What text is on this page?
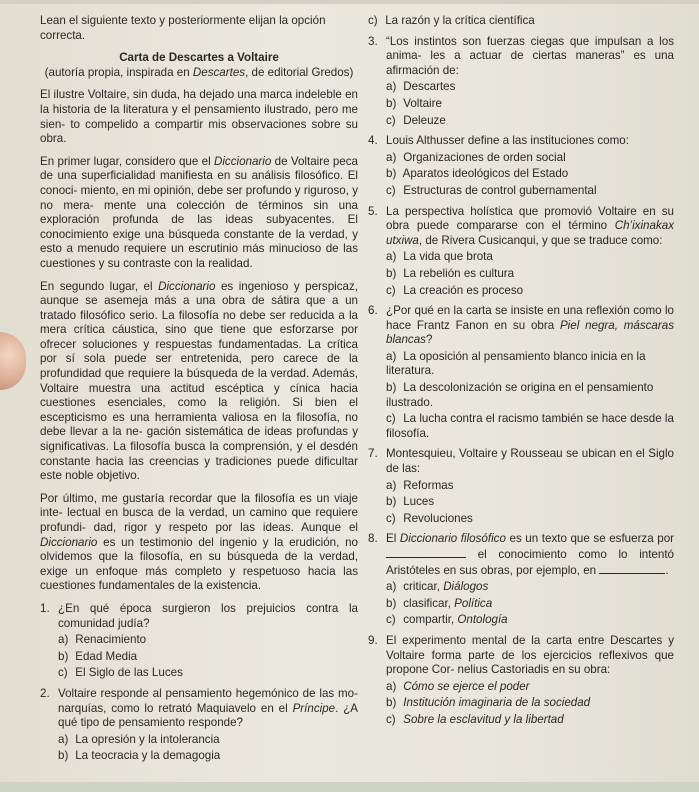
Lean el siguiente texto y posteriormente elijan la opción correcta.

Carta de Descartes a Voltaire

(autoría propia, inspirada en Descartes, de editorial Gredos)

El ilustre Voltaire, sin duda, ha dejado una marca indeleble en la historia de la literatura y el pensamiento ilustrado, pero me sien- to compelido a compartir mis observaciones sobre su obra.

En primer lugar, considero que el Diccionario de Voltaire peca de una superficialidad manifiesta en su análisis filosófico. El conoci- miento, en mi opinión, debe ser profundo y riguroso, y no mera- mente una colección de términos sin una exploración profunda de las ideas subyacentes. El conocimiento exige una búsqueda constante de la verdad, y esto a menudo requiere un escrutinio más minucioso de las cuestiones y su contraste con la realidad.

En segundo lugar, el Diccionario es ingenioso y perspicaz, aunque se asemeja más a una obra de sátira que a un tratado filosófico serio. La filosofía no debe ser reducida a la mera crítica cáustica, sino que tiene que esforzarse por ofrecer soluciones y respuestas fundamentadas. La crítica por sí sola puede ser entretenida, pero carece de la profundidad que requiere la búsqueda de la verdad. Además, Voltaire muestra una actitud escéptica y cínica hacia cuestiones esenciales, como la religión. Si bien el escepticismo es una herramienta valiosa en la filosofía, no debe llevar a la ne- gación sistemática de ideas profundas y significativas. La filosofía busca la comprensión, y el desdén constante hacia las creencias y tradiciones puede dificultar este noble objetivo.

Por último, me gustaría recordar que la filosofía es un viaje inte- lectual en busca de la verdad, un camino que requiere profundi- dad, rigor y respeto por las ideas. Aunque el Diccionario es un testimonio del ingenio y la erudición, no olvidemos que la filosofía, en su búsqueda de la verdad, exige un enfoque más completo y respetuoso hacia las cuestiones fundamentales de la existencia.

1. ¿En qué época surgieron los prejuicios contra la comunidad judía?
a) Renacimiento
b) Edad Media
c) El Siglo de las Luces
2. Voltaire responde al pensamiento hegemónico de las mo- narquías, como lo retrató Maquiavelo en el Príncipe. ¿A qué tipo de pensamiento responde?
a) La opresión y la intolerancia
b) La teocracia y la demagogia
c) La razón y la crítica científica
3. “Los instintos son fuerzas ciegas que impulsan a los anima- les a actuar de ciertas maneras” es una afirmación de:
a) Descartes
b) Voltaire
c) Deleuze
4. Louis Althusser define a las instituciones como:
a) Organizaciones de orden social
b) Aparatos ideológicos del Estado
c) Estructuras de control gubernamental
5. La perspectiva holística que promovió Voltaire en su obra puede compararse con el término Ch’ixinakax utxiwa, de Rivera Cusicanqui, y que se traduce como:
a) La vida que brota
b) La rebelión es cultura
c) La creación es proceso
6. ¿Por qué en la carta se insiste en una reflexión como lo hace Frantz Fanon en su obra Piel negra, máscaras blancas?
a) La oposición al pensamiento blanco inicia en la literatura.
b) La descolonización se origina en el pensamiento ilustrado.
c) La lucha contra el racismo también se hace desde la filosofía.
7. Montesquieu, Voltaire y Rousseau se ubican en el Siglo de las:
a) Reformas
b) Luces
c) Revoluciones
8. El Diccionario filosófico es un texto que se esfuerza por  el conocimiento como lo intentó Aristóteles en sus obras, por ejemplo, en	.
a) criticar, Diálogos
b) clasificar, Política
c) compartir, Ontología
9. El experimento mental de la carta entre Descartes y Voltaire forma parte de los ejercicios reflexivos que propone Cor- nelius Castoriadis en su obra:
a) Cómo se ejerce el poder
b) Institución imaginaria de la sociedad
c) Sobre la esclavitud y la libertad
